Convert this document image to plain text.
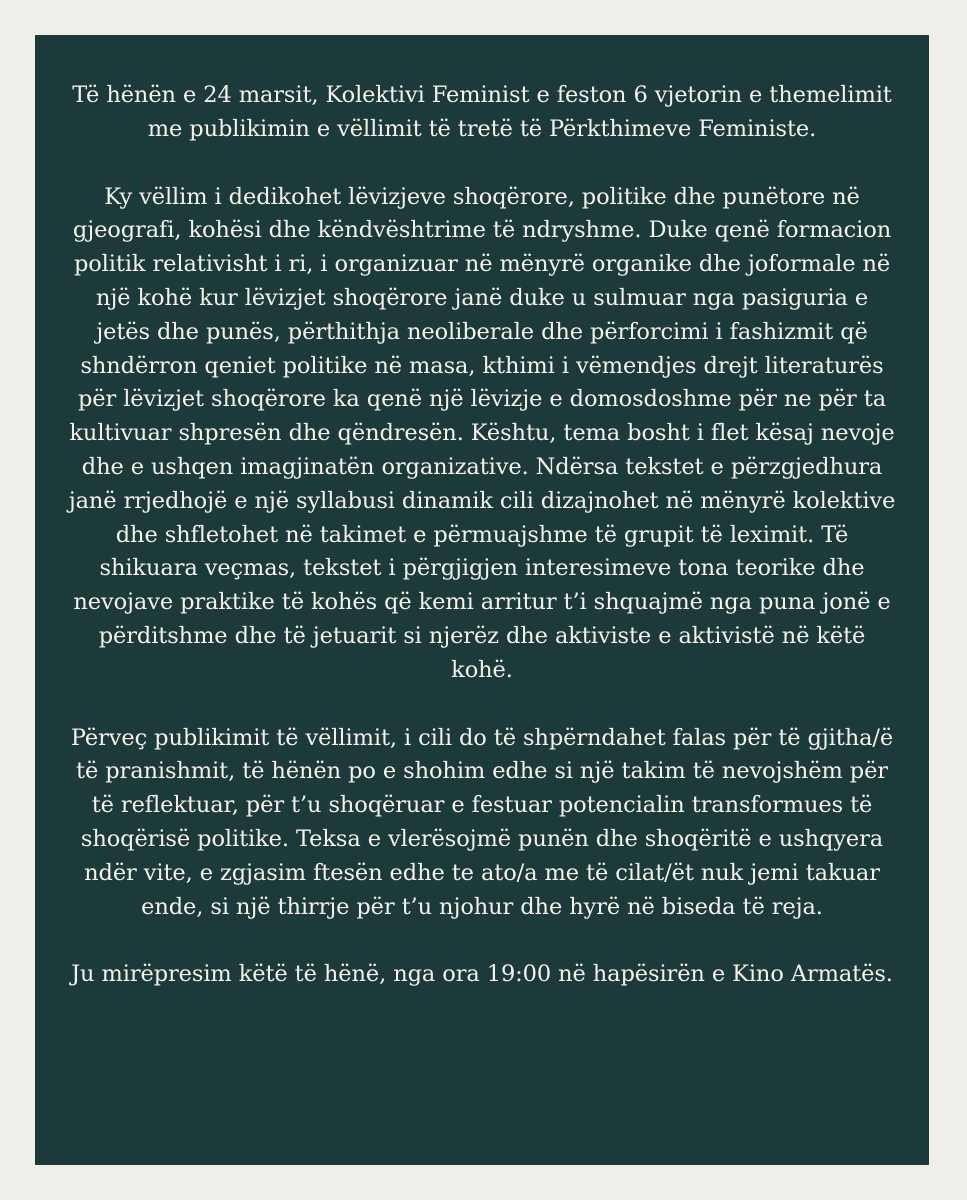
Të hënën e 24 marsit, Kolektivi Feminist e feston 6 vjetorin e themelimit me publikimin e vëllimit të tretë të Përkthimeve Feministe.

Ky vëllim i dedikohet lëvizjeve shoqërore, politike dhe punëtore në gjeografi, kohësi dhe këndvështrime të ndryshme. Duke qenë formacion politik relativisht i ri, i organizuar në mënyrë organike dhe joformale në një kohë kur lëvizjet shoqërore janë duke u sulmuar nga pasiguria e jetës dhe punës, përthithja neoliberale dhe përforcimi i fashizmit që shndërron qeniet politike në masa, kthimi i vëmendjes drejt literaturës për lëvizjet shoqërore ka qenë një lëvizje e domosdoshme për ne për ta kultivuar shpresën dhe qëndresën. Kështu, tema bosht i flet kësaj nevoje dhe e ushqen imagjinatën organizative. Ndërsa tekstet e përzgjedhura janë rrjedhojë e një syllabusi dinamik cili dizajnohet në mënyrë kolektive dhe shfletohet në takimet e përmuajshme të grupit të leximit. Të shikuara veçmas, tekstet i përgjigjen interesimeve tona teorike dhe nevojave praktike të kohës që kemi arritur t’i shquajmë nga puna jonë e përditshme dhe të jetuarit si njerëz dhe aktiviste e aktivistë në këtë kohë.

Përveç publikimit të vëllimit, i cili do të shpërndahet falas për të gjitha/ë të pranishmit, të hënën po e shohim edhe si një takim të nevojshëm për të reflektuar, për t’u shoqëruar e festuar potencialin transformues të shoqërisë politike. Teksa e vlerësojmë punën dhe shoqëritë e ushqyera ndër vite, e zgjasim ftesën edhe te ato/a me të cilat/ët nuk jemi takuar ende, si një thirrje për t’u njohur dhe hyrë në biseda të reja.

Ju mirëpresim këtë të hënë, nga ora 19:00 në hapësirën e Kino Armatës.
